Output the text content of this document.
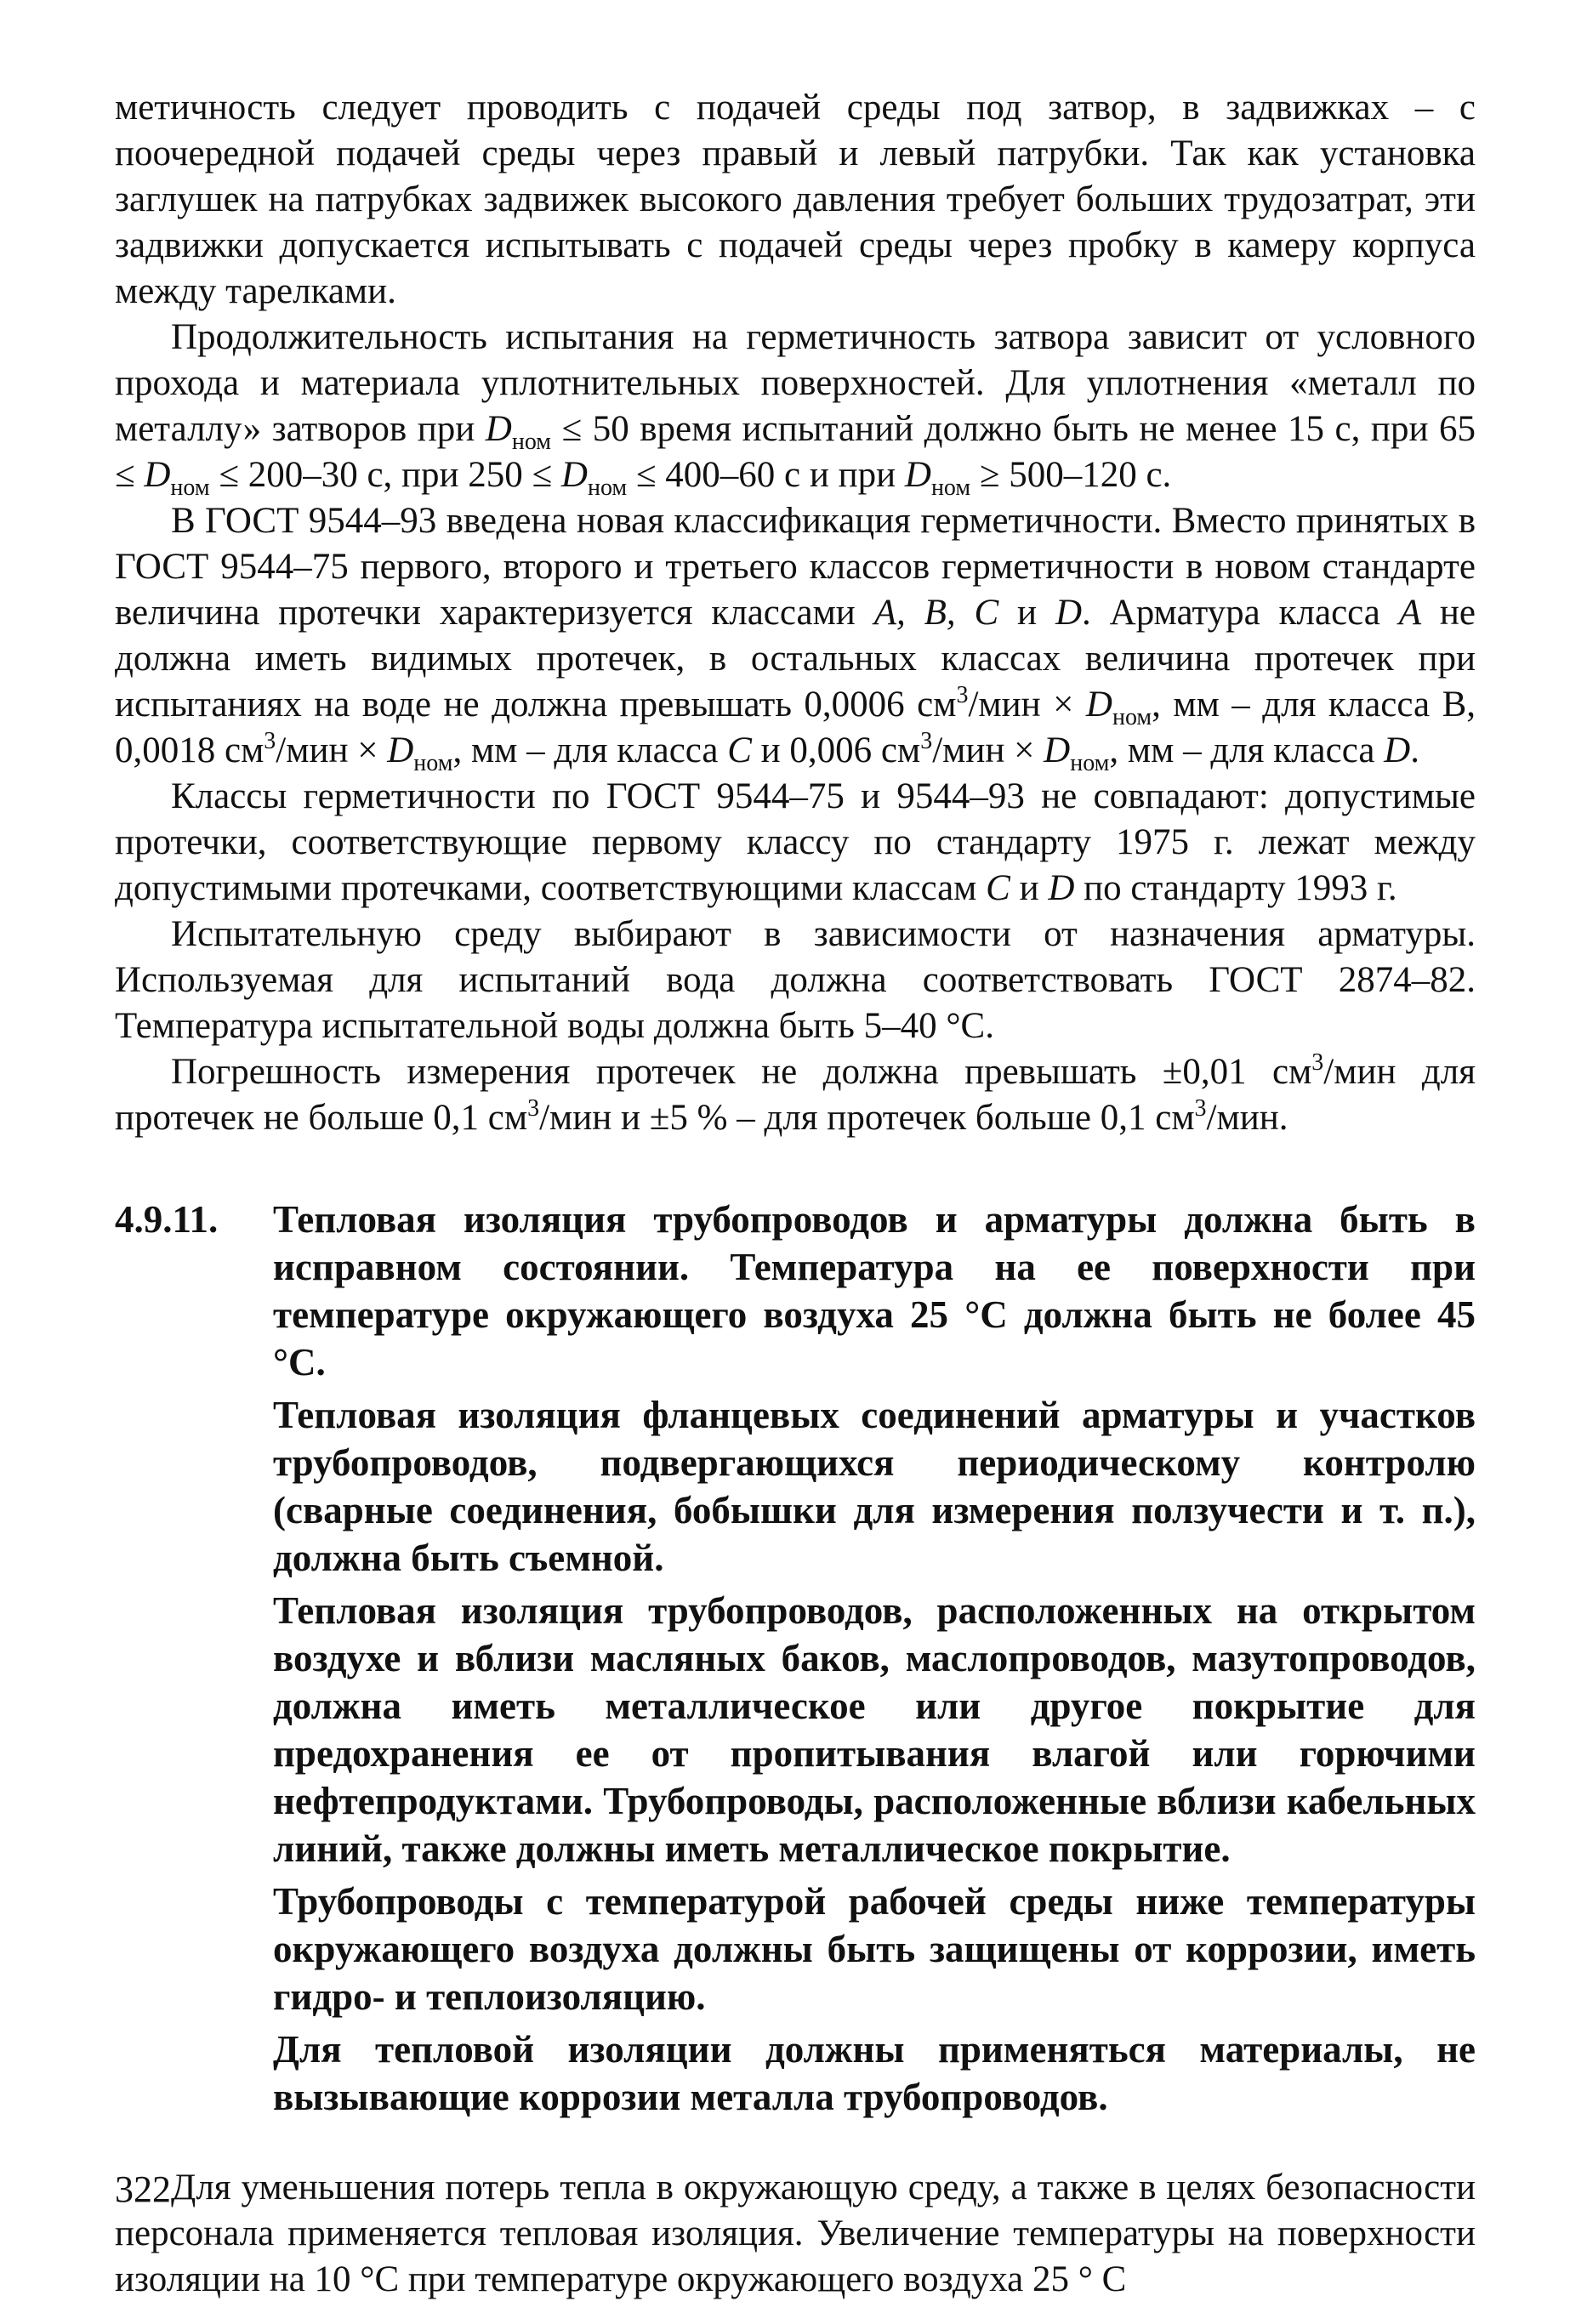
метичность следует проводить с подачей среды под затвор, в задвижках – с поочередной подачей среды через правый и левый патрубки. Так как установка заглушек на патрубках задвижек высокого давления требует больших трудозатрат, эти задвижки допускается испытывать с подачей среды через пробку в камеру корпуса между тарелками.

Продолжительность испытания на герметичность затвора зависит от условного прохода и материала уплотнительных поверхностей. Для уплотнения «металл по металлу» затворов при $D_{ном} \le 50$ время испытаний должно быть не менее 15 с, при $65 \le D_{ном} \le 200-30$ с, при $250 \le D_{ном} \le 400-60$ с и при $D_{ном} \ge 500-120$ с.

В ГОСТ 9544–93 введена новая классификация герметичности. Вместо принятых в ГОСТ 9544–75 первого, второго и третьего классов герметичности в новом стандарте величина протечки характеризуется классами A, B, C и D. Арматура класса A не должна иметь видимых протечек, в остальных классах величина протечек при испытаниях на воде не должна превышать 0,0006 $см^3$/мин × $D_{ном}$, мм – для класса В, 0,0018 $см^3$/мин × $D_{ном}$, мм – для класса C и 0,006 $см^3$/мин × $D_{ном}$, мм – для класса D.

Классы герметичности по ГОСТ 9544–75 и 9544–93 не совпадают: допустимые протечки, соответствующие первому классу по стандарту 1975 г. лежат между допустимыми протечками, соответствующими классам C и D по стандарту 1993 г.

Испытательную среду выбирают в зависимости от назначения арматуры. Используемая для испытаний вода должна соответствовать ГОСТ 2874–82. Температура испытательной воды должна быть 5–40 °С.

Погрешность измерения протечек не должна превышать ±0,01 $см^3$/мин для протечек не больше 0,1 $см^3$/мин и ±5 % – для протечек больше 0,1 $см^3$/мин.

4.9.11. Тепловая изоляция трубопроводов и арматуры должна быть в исправном состоянии. Температура на ее поверхности при температуре окружающего воздуха 25 °С должна быть не более 45 °С.

Тепловая изоляция фланцевых соединений арматуры и участков трубопроводов, подвергающихся периодическому контролю (сварные соединения, бобышки для измерения ползучести и т. п.), должна быть съемной.

Тепловая изоляция трубопроводов, расположенных на открытом воздухе и вблизи масляных баков, маслопроводов, мазутопроводов, должна иметь металлическое или другое покрытие для предохранения ее от пропитывания влагой или горючими нефтепродуктами. Трубопроводы, расположенные вблизи кабельных линий, также должны иметь металлическое покрытие.

Трубопроводы с температурой рабочей среды ниже температуры окружающего воздуха должны быть защищены от коррозии, иметь гидро- и теплоизоляцию.

Для тепловой изоляции должны применяться материалы, не вызывающие коррозии металла трубопроводов.

Для уменьшения потерь тепла в окружающую среду, а также в целях безопасности персонала применяется тепловая изоляция. Увеличение температуры на поверхности изоляции на 10 °С при температуре окружающего воздуха 25 ° С

322
